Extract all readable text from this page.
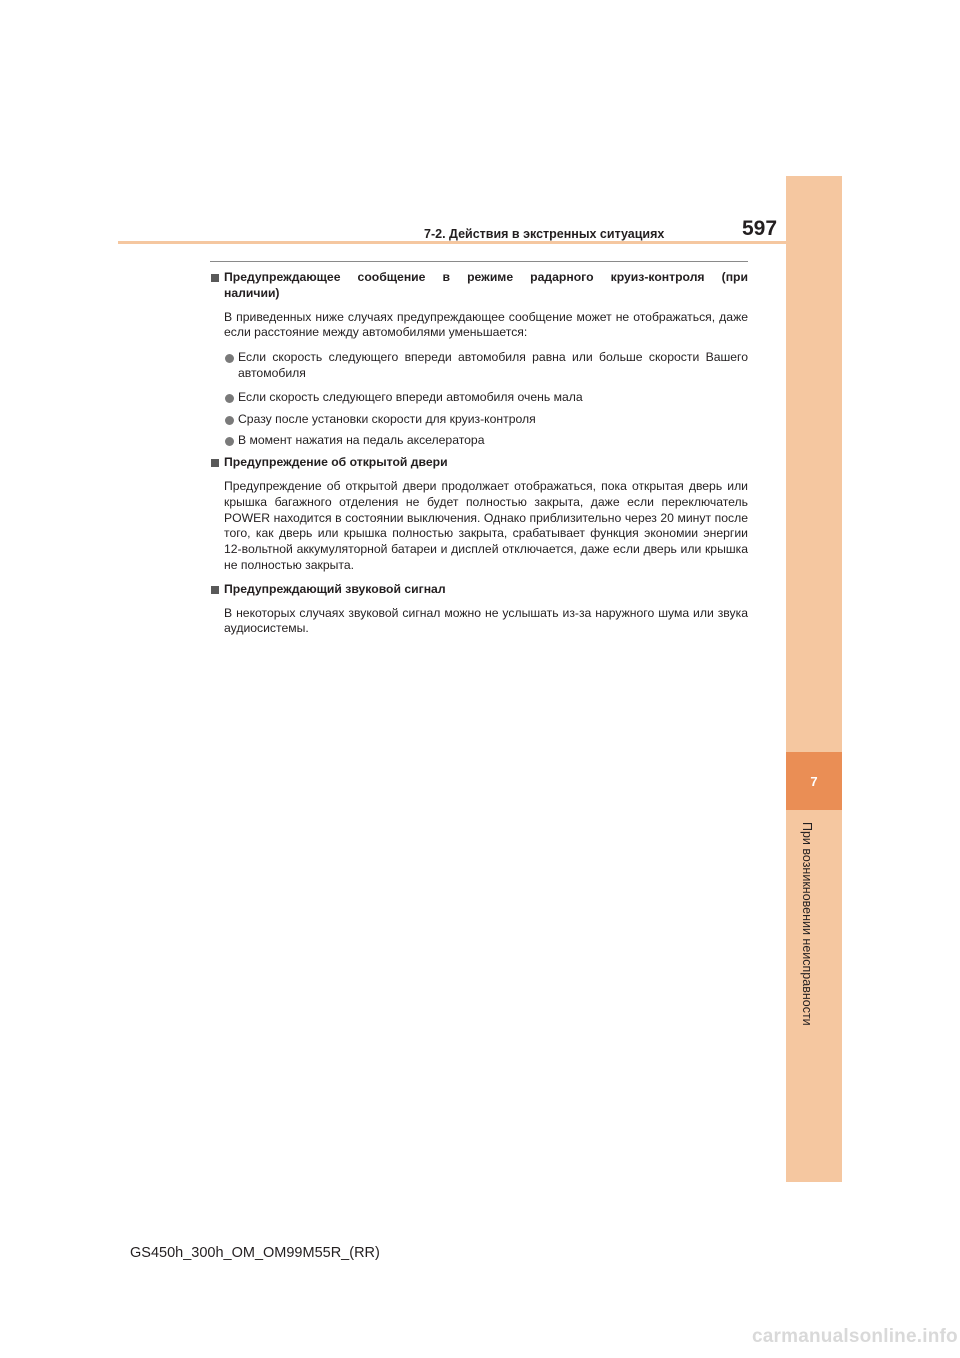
7
При возникновении неисправности
7-2. Действия в экстренных ситуациях	597
Предупреждающее сообщение в режиме радарного круиз-контроля (при
наличии)
В приведенных ниже случаях предупреждающее сообщение может не отображаться, даже если расстояние между автомобилями уменьшается:
Если скорость следующего впереди автомобиля равна или больше скорости Вашего автомобиля
Если скорость следующего впереди автомобиля очень мала
Сразу после установки скорости для круиз-контроля
В момент нажатия на педаль акселератора
Предупреждение об открытой двери
Предупреждение об открытой двери продолжает отображаться, пока открытая дверь или крышка багажного отделения не будет полностью закрыта, даже если переключатель POWER находится в состоянии выключения. Однако приблизительно через 20 минут после того, как дверь или крышка полностью закрыта, срабатывает функция экономии энергии 12-вольтной аккумуляторной батареи и дисплей отключается, даже если дверь или крышка не полностью закрыта.
Предупреждающий звуковой сигнал
В некоторых случаях звуковой сигнал можно не услышать из-за наружного шума или звука аудиосистемы.
GS450h_300h_OM_OM99M55R_(RR)
carmanualsonline.info
